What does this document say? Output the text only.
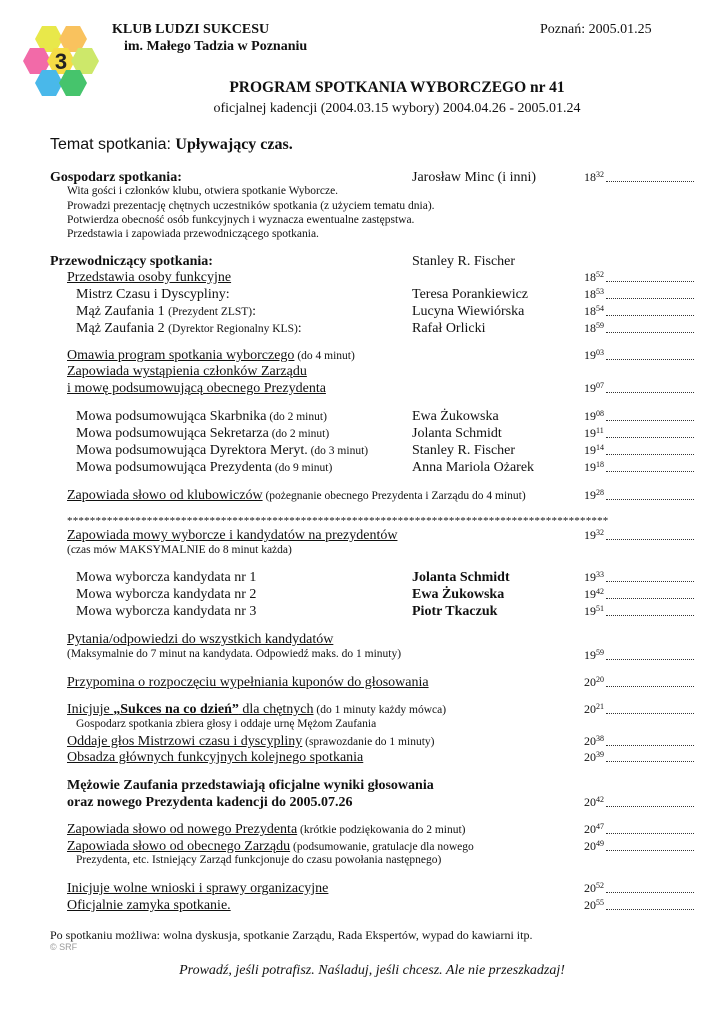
3
KLUB LUDZI SUKCESU
im. Małego Tadzia w Poznaniu
Poznań: 2005.01.25
PROGRAM SPOTKANIA WYBORCZEGO nr 41
oficjalnej kadencji (2004.03.15 wybory) 2004.04.26 - 2005.01.24
Temat spotkania: Upływający czas.
Gospodarz spotkania:	Jarosław Minc (i inni)	$18^{32}$
Wita gości i członków klubu, otwiera spotkanie Wyborcze.
Prowadzi prezentację chętnych uczestników spotkania (z użyciem tematu dnia).
Potwierdza obecność osób funkcyjnych i wyznacza ewentualne zastępstwa.
Przedstawia i zapowiada przewodniczącego spotkania.
Przewodniczący spotkania:	Stanley R. Fischer
Przedstawia osoby funkcyjne	$18^{52}$
Mistrz Czasu i Dyscypliny:	Teresa Porankiewicz	$18^{53}$
Mąż Zaufania 1 (Prezydent ZLST):	Lucyna Wiewiórska	$18^{54}$
Mąż Zaufania 2 (Dyrektor Regionalny KLS):	Rafał Orlicki	$18^{59}$
Omawia program spotkania wyborczego (do 4 minut)	$19^{03}$
Zapowiada wystąpienia członków Zarządu
i mowę podsumowującą obecnego Prezydenta	$19^{07}$
Mowa podsumowująca Skarbnika (do 2 minut)	Ewa Żukowska	$19^{08}$
Mowa podsumowująca Sekretarza (do 2 minut)	Jolanta Schmidt	$19^{11}$
Mowa podsumowująca Dyrektora Meryt. (do 3 minut)	Stanley R. Fischer	$19^{14}$
Mowa podsumowująca Prezydenta (do 9 minut)	Anna Mariola Ożarek	$19^{18}$
Zapowiada słowo od klubowiczów (pożegnanie obecnego Prezydenta i Zarządu do 4 minut)	$19^{28}$
***********************************************************************************************
Zapowiada mowy wyborcze i kandydatów na prezydentów	$19^{32}$
(czas mów MAKSYMALNIE do 8 minut każda)
Mowa wyborcza kandydata nr 1	Jolanta Schmidt	$19^{33}$
Mowa wyborcza kandydata nr 2	Ewa Żukowska	$19^{42}$
Mowa wyborcza kandydata nr 3	Piotr Tkaczuk	$19^{51}$
Pytania/odpowiedzi do wszystkich kandydatów
(Maksymalnie do 7 minut na kandydata. Odpowiedź maks. do 1 minuty)	$19^{59}$
Przypomina o rozpoczęciu wypełniania kuponów do głosowania	$20^{20}$
Inicjuje „Sukces na co dzień” dla chętnych (do 1 minuty każdy mówca)	$20^{21}$
Gospodarz spotkania zbiera głosy i oddaje urnę Mężom Zaufania
Oddaje głos Mistrzowi czasu i dyscypliny (sprawozdanie do 1 minuty)	$20^{38}$
Obsadza głównych funkcyjnych kolejnego spotkania	$20^{39}$
Mężowie Zaufania przedstawiają oficjalne wyniki głosowania
oraz nowego Prezydenta kadencji do 2005.07.26	$20^{42}$
Zapowiada słowo od nowego Prezydenta (krótkie podziękowania do 2 minut)	$20^{47}$
Zapowiada słowo od obecnego Zarządu (podsumowanie, gratulacje dla nowego	$20^{49}$
Prezydenta, etc. Istniejący Zarząd funkcjonuje do czasu powołania następnego)
Inicjuje wolne wnioski i sprawy organizacyjne	$20^{52}$
Oficjalnie zamyka spotkanie.	$20^{55}$
Po spotkaniu możliwa: wolna dyskusja, spotkanie Zarządu, Rada Ekspertów, wypad do kawiarni itp.
© SRF
Prowadź, jeśli potrafisz. Naśladuj, jeśli chcesz. Ale nie przeszkadzaj!
